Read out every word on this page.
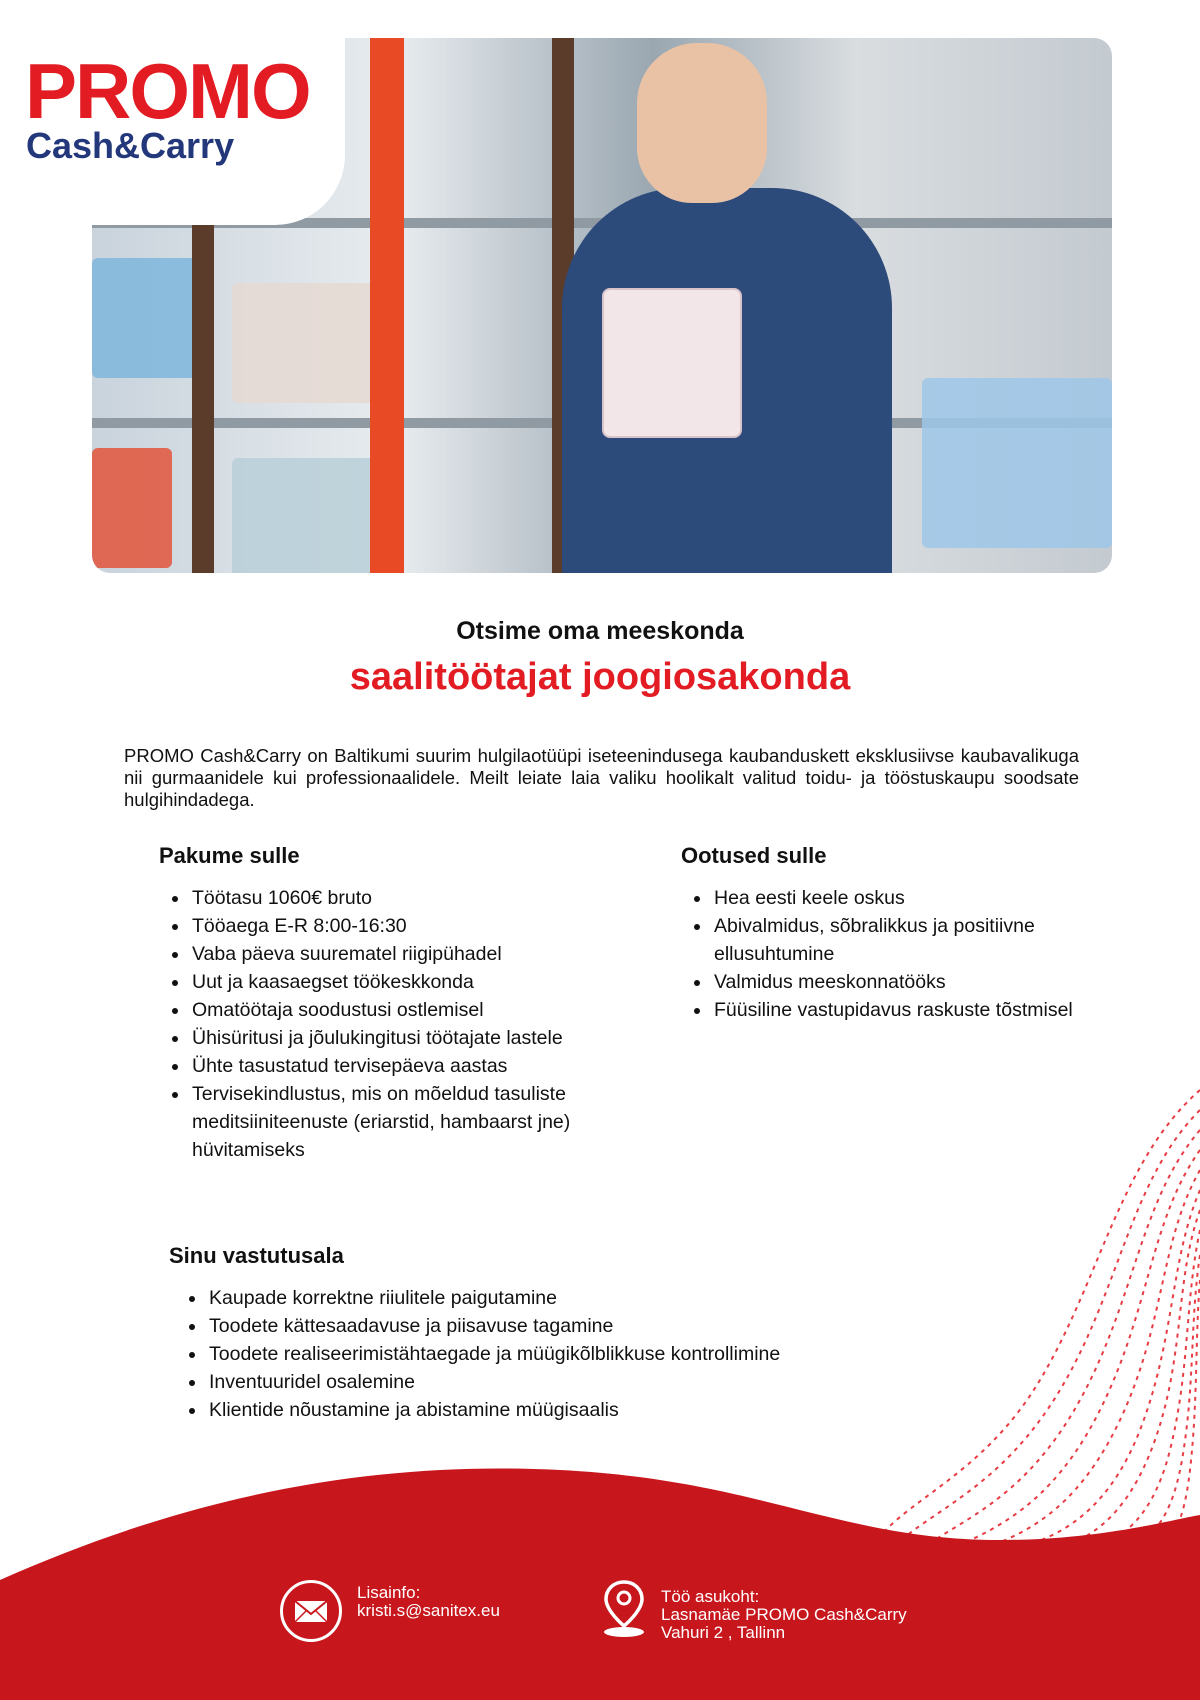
PROMO
Cash&Carry
Otsime oma meeskonda
saalitöötajat joogiosakonda

PROMO Cash&Carry on Baltikumi suurim hulgilaotüüpi iseteenindusega kaubanduskett eksklusiivse kaubavalikuga nii gurmaanidele kui professionaalidele. Meilt leiate laia valiku hoolikalt valitud toidu- ja tööstuskaupu soodsate hulgihindadega.

Pakume sulle
Töötasu 1060€ bruto
Tööaega E-R 8:00-16:30
Vaba päeva suurematel riigipühadel
Uut ja kaasaegset töökeskkonda
Omatöötaja soodustusi ostlemisel
Ühisüritusi ja jõulukingitusi töötajate lastele
Ühte tasustatud tervisepäeva aastas
Tervisekindlustus, mis on mõeldud tasuliste meditsiiniteenuste (eriarstid, hambaarst jne) hüvitamiseks
Ootused sulle
Hea eesti keele oskus
Abivalmidus, sõbralikkus ja positiivne ellusuhtumine
Valmidus meeskonnatööks
Füüsiline vastupidavus raskuste tõstmisel
Sinu vastutusala
Kaupade korrektne riiulitele paigutamine
Toodete kättesaadavuse ja piisavuse tagamine
Toodete realiseerimistähtaegade ja müügikõlblikkuse kontrollimine
Inventuuridel osalemine
Klientide nõustamine ja abistamine müügisaalis
Lisainfo:
kristi.s@sanitex.eu
Töö asukoht:
Lasnamäe PROMO Cash&Carry
Vahuri 2 , Tallinn
